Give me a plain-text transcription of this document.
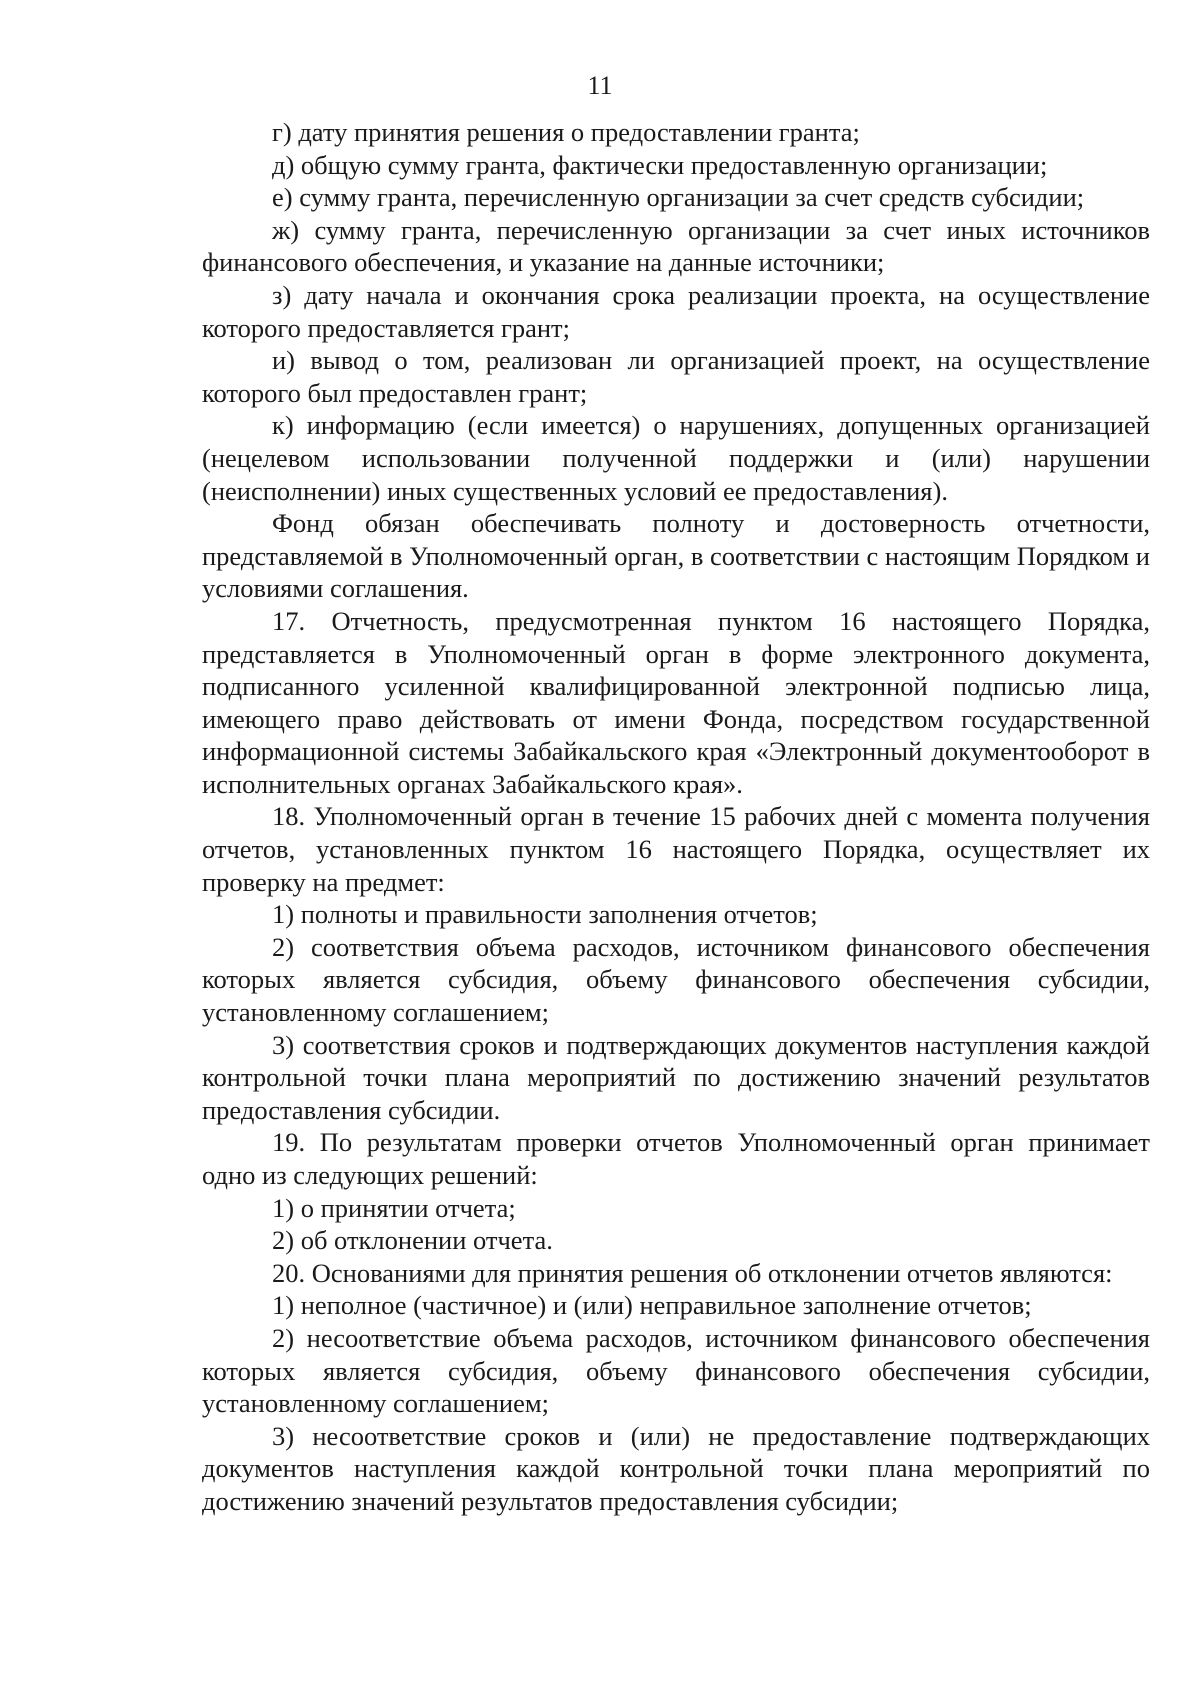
11

г) дату принятия решения о предоставлении гранта;

д) общую сумму гранта, фактически предоставленную организации;

е) сумму гранта, перечисленную организации за счет средств субсидии;

ж) сумму гранта, перечисленную организации за счет иных источников финансового обеспечения, и указание на данные источники;

з) дату начала и окончания срока реализации проекта, на осуществление которого предоставляется грант;

и) вывод о том, реализован ли организацией проект, на осуществление которого был предоставлен грант;

к) информацию (если имеется) о нарушениях, допущенных организацией (нецелевом использовании полученной поддержки и (или) нарушении (неисполнении) иных существенных условий ее предоставления).

Фонд обязан обеспечивать полноту и достоверность отчетности, представляемой в Уполномоченный орган, в соответствии с настоящим Порядком и условиями соглашения.

17. Отчетность, предусмотренная пунктом 16 настоящего Порядка, представляется в Уполномоченный орган в форме электронного документа, подписанного усиленной квалифицированной электронной подписью лица, имеющего право действовать от имени Фонда, посредством государственной информационной системы Забайкальского края «Электронный документооборот в исполнительных органах Забайкальского края».

18. Уполномоченный орган в течение 15 рабочих дней с момента получения отчетов, установленных пунктом 16 настоящего Порядка, осуществляет их проверку на предмет:

1) полноты и правильности заполнения отчетов;

2) соответствия объема расходов, источником финансового обеспечения которых является субсидия, объему финансового обеспечения субсидии, установленному соглашением;

3) соответствия сроков и подтверждающих документов наступления каждой контрольной точки плана мероприятий по достижению значений результатов предоставления субсидии.

19. По результатам проверки отчетов Уполномоченный орган принимает одно из следующих решений:

1) о принятии отчета;

2) об отклонении отчета.

20. Основаниями для принятия решения об отклонении отчетов являются:

1) неполное (частичное) и (или) неправильное заполнение отчетов;

2) несоответствие объема расходов, источником финансового обеспечения которых является субсидия, объему финансового обеспечения субсидии, установленному соглашением;

3) несоответствие сроков и (или) не предоставление подтверждающих документов наступления каждой контрольной точки плана мероприятий по достижению значений результатов предоставления субсидии;
